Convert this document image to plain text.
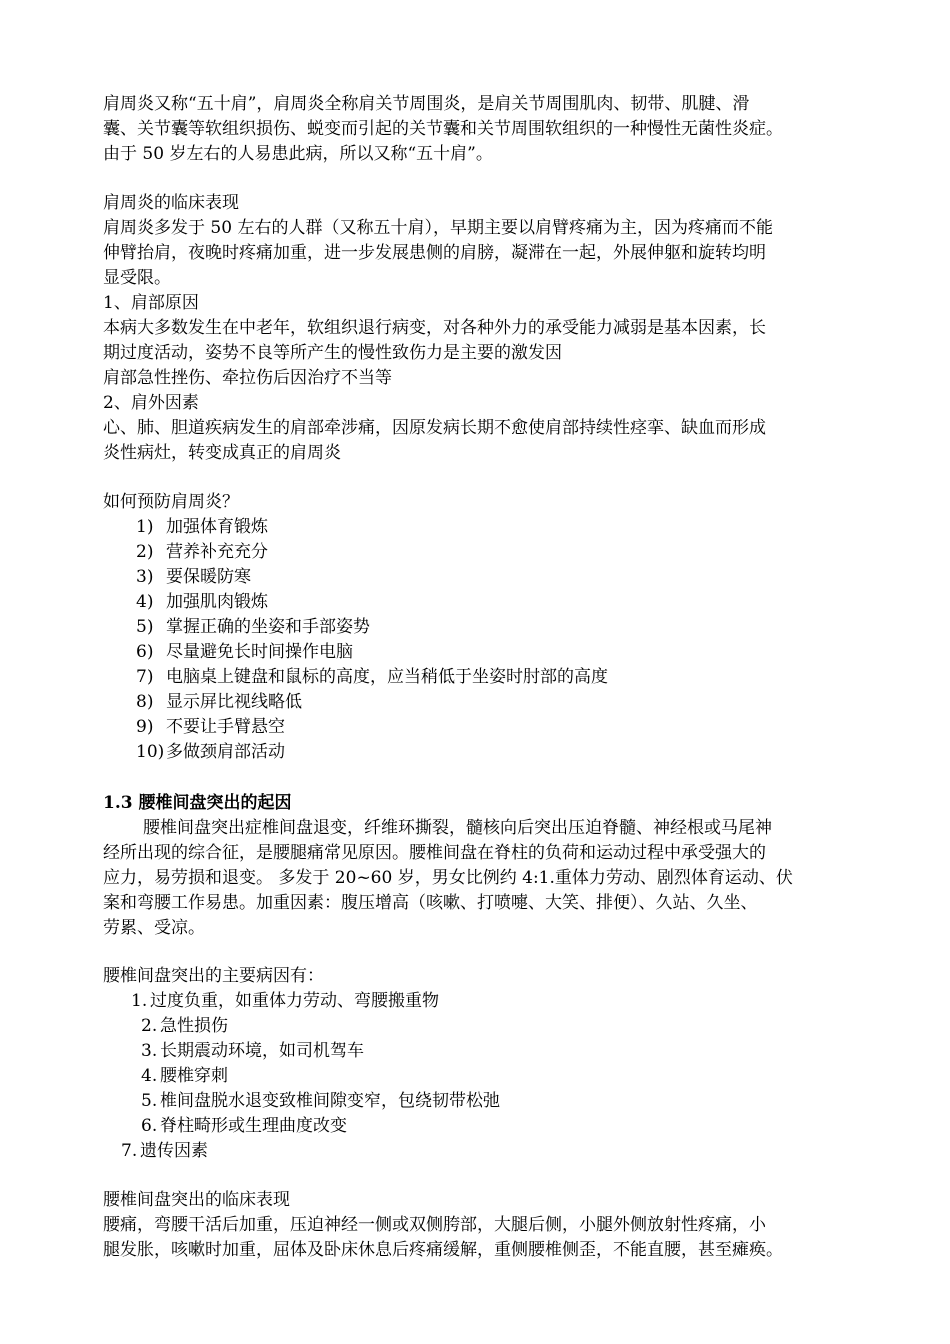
肩周炎又称“五十肩”，肩周炎全称肩关节周围炎，是肩关节周围肌肉、韧带、肌腱、滑
囊、关节囊等软组织损伤、蜕变而引起的关节囊和关节周围软组织的一种慢性无菌性炎症。
由于 50 岁左右的人易患此病，所以又称“五十肩”。
肩周炎的临床表现
肩周炎多发于 50 左右的人群（又称五十肩），早期主要以肩臂疼痛为主，因为疼痛而不能
伸臂抬肩，夜晚时疼痛加重，进一步发展患侧的肩膀，凝滞在一起，外展伸躯和旋转均明
显受限。
1、肩部原因
本病大多数发生在中老年，软组织退行病变，对各种外力的承受能力减弱是基本因素，长
期过度活动，姿势不良等所产生的慢性致伤力是主要的激发因
肩部急性挫伤、牵拉伤后因治疗不当等
2、肩外因素
心、肺、胆道疾病发生的肩部牵涉痛，因原发病长期不愈使肩部持续性痉挛、缺血而形成
炎性病灶，转变成真正的肩周炎
如何预防肩周炎？
1) 加强体育锻炼
2) 营养补充充分
3) 要保暖防寒
4) 加强肌肉锻炼
5) 掌握正确的坐姿和手部姿势
6) 尽量避免长时间操作电脑
7) 电脑桌上键盘和鼠标的高度，应当稍低于坐姿时肘部的高度
8) 显示屏比视线略低
9) 不要让手臂悬空
10) 多做颈肩部活动
1.3 腰椎间盘突出的起因
腰椎间盘突出症椎间盘退变，纤维环撕裂，髓核向后突出压迫脊髓、神经根或马尾神
经所出现的综合征，是腰腿痛常见原因。腰椎间盘在脊柱的负荷和运动过程中承受强大的
应力，易劳损和退变。 多发于 20~60 岁，男女比例约 4:1.重体力劳动、剧烈体育运动、伏
案和弯腰工作易患。加重因素：腹压增高（咳嗽、打喷嚏、大笑、排便）、久站、久坐、
劳累、受凉。
腰椎间盘突出的主要病因有：
1. 过度负重，如重体力劳动、弯腰搬重物
2. 急性损伤
3. 长期震动环境，如司机驾车
4. 腰椎穿刺
5. 椎间盘脱水退变致椎间隙变窄，包绕韧带松弛
6. 脊柱畸形或生理曲度改变
7. 遗传因素
腰椎间盘突出的临床表现
腰痛，弯腰干活后加重，压迫神经一侧或双侧胯部，大腿后侧，小腿外侧放射性疼痛，小
腿发胀，咳嗽时加重，屈体及卧床休息后疼痛缓解，重侧腰椎侧歪，不能直腰，甚至瘫痪。
